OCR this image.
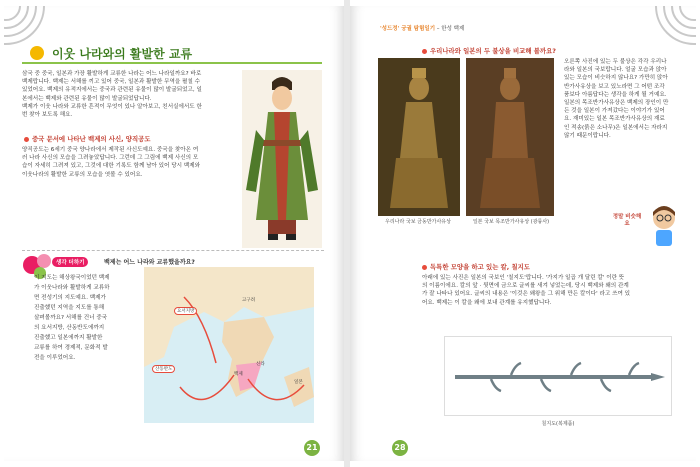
이웃 나라와의 활발한 교류
삼국 중 중국, 일본과 가장 활발하게 교류한 나라는 어느 나라일까요? 바로
백제랍니다. 백제는 서해를 끼고 있어 중국, 일본과 활발한 무역을 펼칠 수
있었어요. 백제의 유적지에서는 중국과 관련된 유물이 많이 발굴되었고, 일
본에서는 백제와 관련된 유물이 많이 발굴되었답니다.
백제가 이웃 나라와 교류한 흔적이 무엇이 있나 알아보고, 친서실에서도 한
번 찾아 보도록 해요.
중국 문서에 나타난 백제의 사신, 양직공도
양직공도는 6세기 중국 양나라에서 제작된 사신도예요. 중국을 찾아온 여
러 나라 사신의 모습을 그려놓았답니다. 그런데 그 그림에 백제 사신의 모
습이 자세히 그려져 있고, 그것에 대한 기록도 함께 남아 있어 당시 백제와
이웃나라의 활발한 교류의 모습을 엿볼 수 있어요.
생각 더하기	백제는 어느 나라와 교류했을까요?
이 지도는 해상왕국이었던 백제
가 이웃나라와 활발하게 교류하
면 전성기의 지도예요. 백제가
진출했던 지역을 지도를 통해
살펴볼까요? 서해를 건너 중국
의 요서지방, 산동반도에까지
진출했고 일본에까지 활발한
교류를 하여 경제적, 문화적 발
전을 이루었어요.
요서지방
산동반도
고구려
백제
신라
일본
21
'성드정' 궁궐 탐험일기 – 한성 백제
우리나라와 일본의 두 불상을 비교해 볼까요?
우리나라 국보 금동반가사유상	일본 국보 목조반가사유상 (광륭사)
오른쪽 사진에 있는 두 불상은 각각 우리나
라와 일본의 국보랍니다. 얼굴 모습과 앉아
있는 모습이 비슷하지 않나요? 가만히 앉아
반가사유상을 보고 있노라면 그 어떤 조각
품보다 아름답다는 생각을 하게 될 거예요.
일본의 목조반가사유상은 백제의 장인이 만
든 것을 일본이 가져갔다는 이야기가 있어
요. 재미있는 일본 목조반가사유상의 재료
인 적송(붉은 소나무)은 일본에서는 자라지
않기 때문이랍니다.
정말 비슷해요
독특한 모양을 하고 있는 칼, 칠지도
아래에 있는 사진은 일본의 국보인 '칠지도'랍니다. '가지가 일곱 개 달린 칼' 이란 뜻
의 이름이에요. 칼의 앞 · 뒷면에 금으로 글씨를 새겨 넣었는데, 당시 백제와 왜의 관계
가 잘 나타나 있어요. 글씨의 내용은 '이것은 왜왕을 그 위해 만든 칼이다' 라고 쓰여 있
어요. 백제는 이 칼을 왜에 보내 관계를 유지했답니다.
칠지도(복제품)
28
